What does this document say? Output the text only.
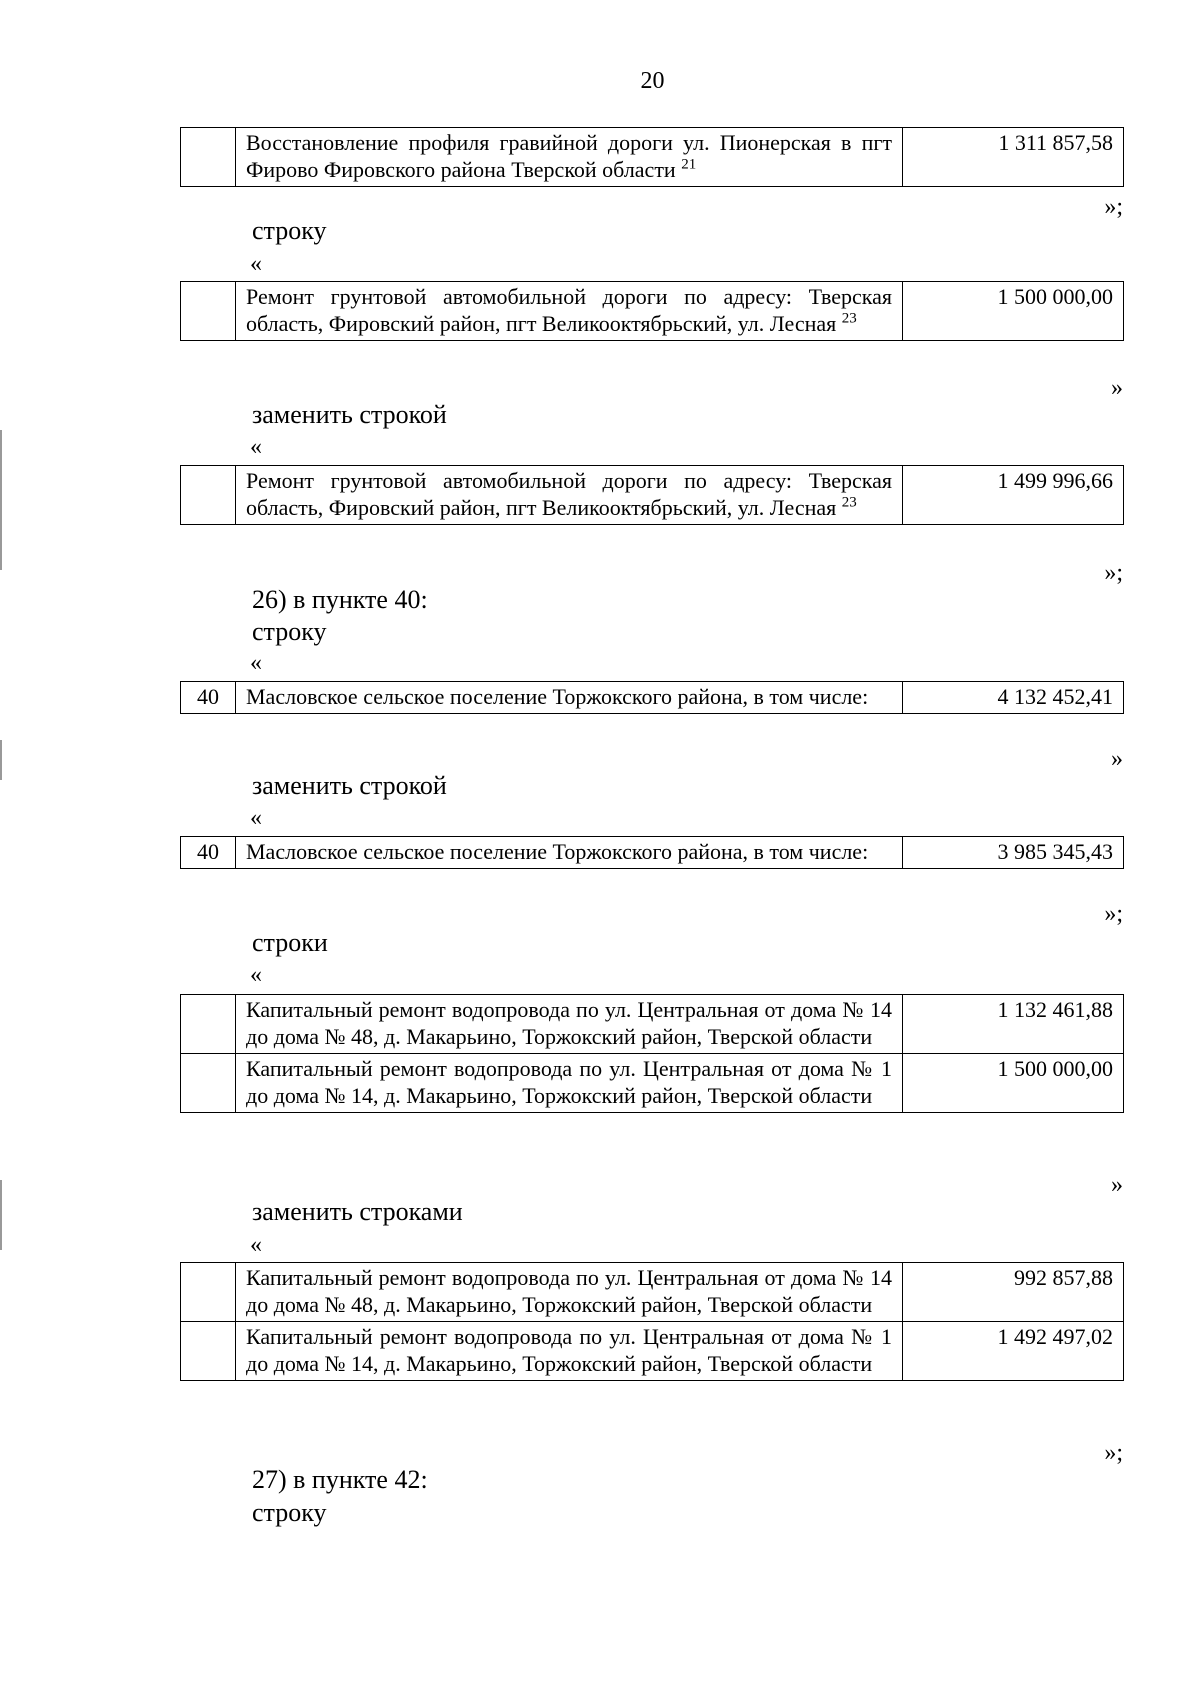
20
	Восстановление профиля гравийной дороги ул. Пионерская в пгт Фирово Фировского района Тверской области $^{21}$	1 311 857,58
»;
строку
«
	Ремонт грунтовой автомобильной дороги по адресу: Тверская область, Фировский район, пгт Великооктябрьский, ул. Лесная $^{23}$	1 500 000,00
»
заменить строкой
«
	Ремонт грунтовой автомобильной дороги по адресу: Тверская область, Фировский район, пгт Великооктябрьский, ул. Лесная $^{23}$	1 499 996,66
»;
26) в пункте 40:
строку
«
40	Масловское сельское поселение Торжокского района, в том числе:	4 132 452,41
»
заменить строкой
«
40	Масловское сельское поселение Торжокского района, в том числе:	3 985 345,43
»;
строки
«
	Капитальный ремонт водопровода по ул. Центральная от дома № 14 до дома № 48, д. Макарьино, Торжокский район, Тверской области	1 132 461,88
	Капитальный ремонт водопровода по ул. Центральная от дома № 1 до дома № 14, д. Макарьино, Торжокский район, Тверской области	1 500 000,00
»
заменить строками
«
	Капитальный ремонт водопровода по ул. Центральная от дома № 14 до дома № 48, д. Макарьино, Торжокский район, Тверской области	992 857,88
	Капитальный ремонт водопровода по ул. Центральная от дома № 1 до дома № 14, д. Макарьино, Торжокский район, Тверской области	1 492 497,02
»;
27) в пункте 42:
строку
